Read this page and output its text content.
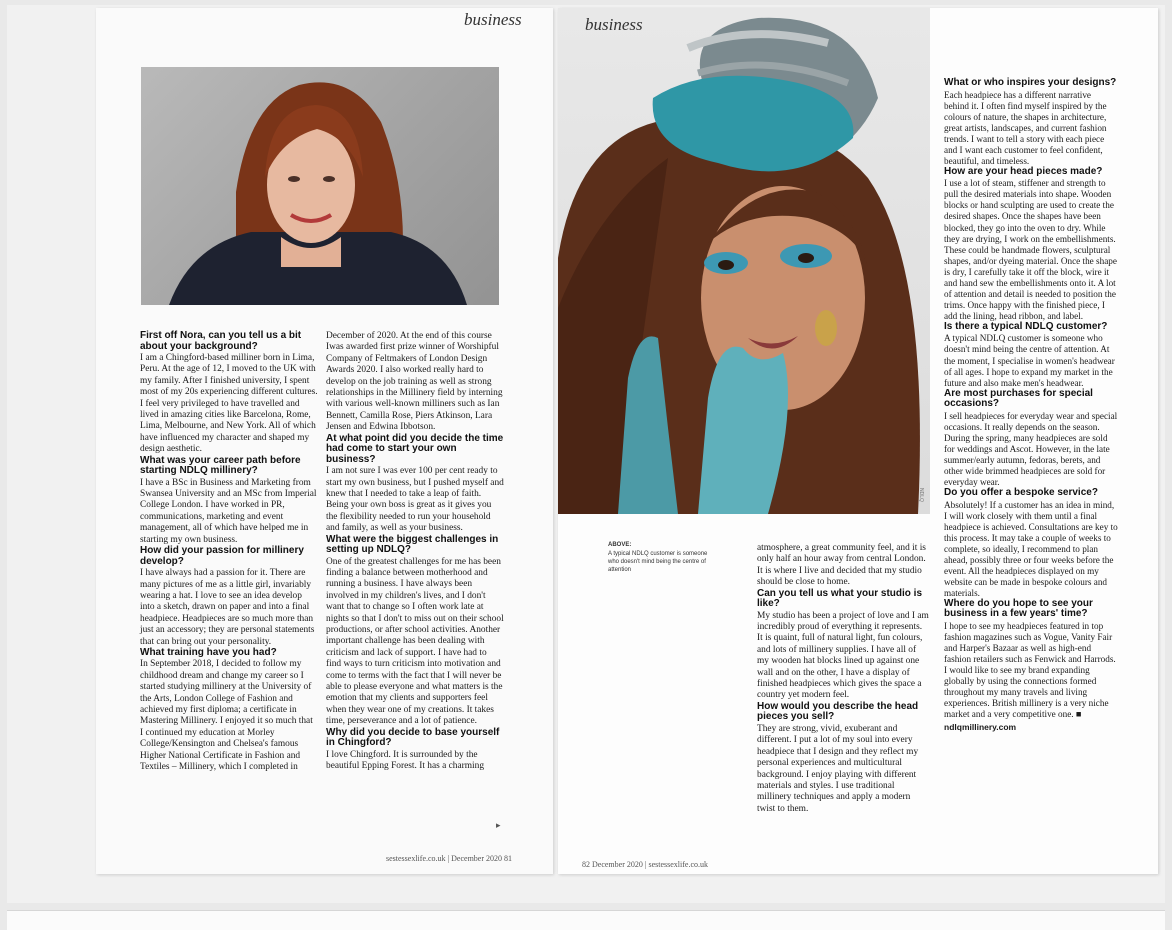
business
First off Nora, can you tell us a bit about your background?

I am a Chingford-based milliner born in Lima, Peru. At the age of 12, I moved to the UK with my family. After I finished university, I spent most of my 20s experiencing different cultures. I feel very privileged to have travelled and lived in amazing cities like Barcelona, Rome, Lima, Melbourne, and New York. All of which have influenced my character and shaped my design aesthetic.

What was your career path before starting NDLQ millinery?

I have a BSc in Business and Marketing from Swansea University and an MSc from Imperial College London. I have worked in PR, communications, marketing and event management, all of which have helped me in starting my own business.

How did your passion for millinery develop?

I have always had a passion for it. There are many pictures of me as a little girl, invariably wearing a hat. I love to see an idea develop into a sketch, drawn on paper and into a final headpiece. Headpieces are so much more than just an accessory; they are personal statements that can bring out your personality.

What training have you had?

In September 2018, I decided to follow my childhood dream and change my career so I started studying millinery at the University of the Arts, London College of Fashion and achieved my first diploma; a certificate in Mastering Millinery. I enjoyed it so much that I continued my education at Morley College/Kensington and Chelsea's famous Higher National Certificate in Fashion and Textiles – Millinery, which I completed in

December of 2020. At the end of this course Iwas awarded first prize winner of Worshipful Company of Feltmakers of London Design Awards 2020. I also worked really hard to develop on the job training as well as strong relationships in the Millinery field by interning with various well-known milliners such as Ian Bennett, Camilla Rose, Piers Atkinson, Lara Jensen and Edwina Ibbotson.

At what point did you decide the time had come to start your own business?

I am not sure I was ever 100 per cent ready to start my own business, but I pushed myself and knew that I needed to take a leap of faith. Being your own boss is great as it gives you the flexibility needed to run your household and family, as well as your business.

What were the biggest challenges in setting up NDLQ?

One of the greatest challenges for me has been finding a balance between motherhood and running a business. I have always been involved in my children's lives, and I don't want that to change so I often work late at nights so that I don't to miss out on their school productions, or after school activities. Another important challenge has been dealing with criticism and lack of support. I have had to find ways to turn criticism into motivation and come to terms with the fact that I will never be able to please everyone and what matters is the emotion that my clients and supporters feel when they wear one of my creations. It takes time, perseverance and a lot of patience.

Why did you decide to base yourself in Chingford?

I love Chingford. It is surrounded by the beautiful Epping Forest. It has a charming

▸
sestessexlife.co.uk | December 2020 81
business
NDLQ
ABOVE:
A typical NDLQ customer is someone who doesn't mind being the centre of attention

atmosphere, a great community feel, and it is only half an hour away from central London. It is where I live and decided that my studio should be close to home.

Can you tell us what your studio is like?

My studio has been a project of love and I am incredibly proud of everything it represents. It is quaint, full of natural light, fun colours, and lots of millinery supplies. I have all of my wooden hat blocks lined up against one wall and on the other, I have a display of finished headpieces which gives the space a country yet modern feel.

How would you describe the head pieces you sell?

They are strong, vivid, exuberant and different. I put a lot of my soul into every headpiece that I design and they reflect my personal experiences and multicultural background. I enjoy playing with different materials and styles. I use traditional millinery techniques and apply a modern twist to them.

What or who inspires your designs?

Each headpiece has a different narrative behind it. I often find myself inspired by the colours of nature, the shapes in architecture, great artists, landscapes, and current fashion trends. I want to tell a story with each piece and I want each customer to feel confident, beautiful, and timeless.

How are your head pieces made?

I use a lot of steam, stiffener and strength to pull the desired materials into shape. Wooden blocks or hand sculpting are used to create the desired shapes. Once the shapes have been blocked, they go into the oven to dry. While they are drying, I work on the embellishments. These could be handmade flowers, sculptural shapes, and/or dyeing material. Once the shape is dry, I carefully take it off the block, wire it and hand sew the embellishments onto it. A lot of attention and detail is needed to position the trims. Once happy with the finished piece, I add the lining, head ribbon, and label.

Is there a typical NDLQ customer?

A typical NDLQ customer is someone who doesn't mind being the centre of attention. At the moment, I specialise in women's headwear of all ages. I hope to expand my market in the future and also make men's headwear.

Are most purchases for special occasions?

I sell headpieces for everyday wear and special occasions. It really depends on the season. During the spring, many headpieces are sold for weddings and Ascot. However, in the late summer/early autumn, fedoras, berets, and other wide brimmed headpieces are sold for everyday wear.

Do you offer a bespoke service?

Absolutely! If a customer has an idea in mind, I will work closely with them until a final headpiece is achieved. Consultations are key to this process. It may take a couple of weeks to complete, so ideally, I recommend to plan ahead, possibly three or four weeks before the event. All the headpieces displayed on my website can be made in bespoke colours and materials.

Where do you hope to see your business in a few years' time?

I hope to see my headpieces featured in top fashion magazines such as Vogue, Vanity Fair and Harper's Bazaar as well as high-end fashion retailers such as Fenwick and Harrods. I would like to see my brand expanding globally by using the connections formed throughout my many travels and living experiences. British millinery is a very niche market and a very competitive one. ■

ndlqmillinery.com
82 December 2020 | sestessexlife.co.uk
